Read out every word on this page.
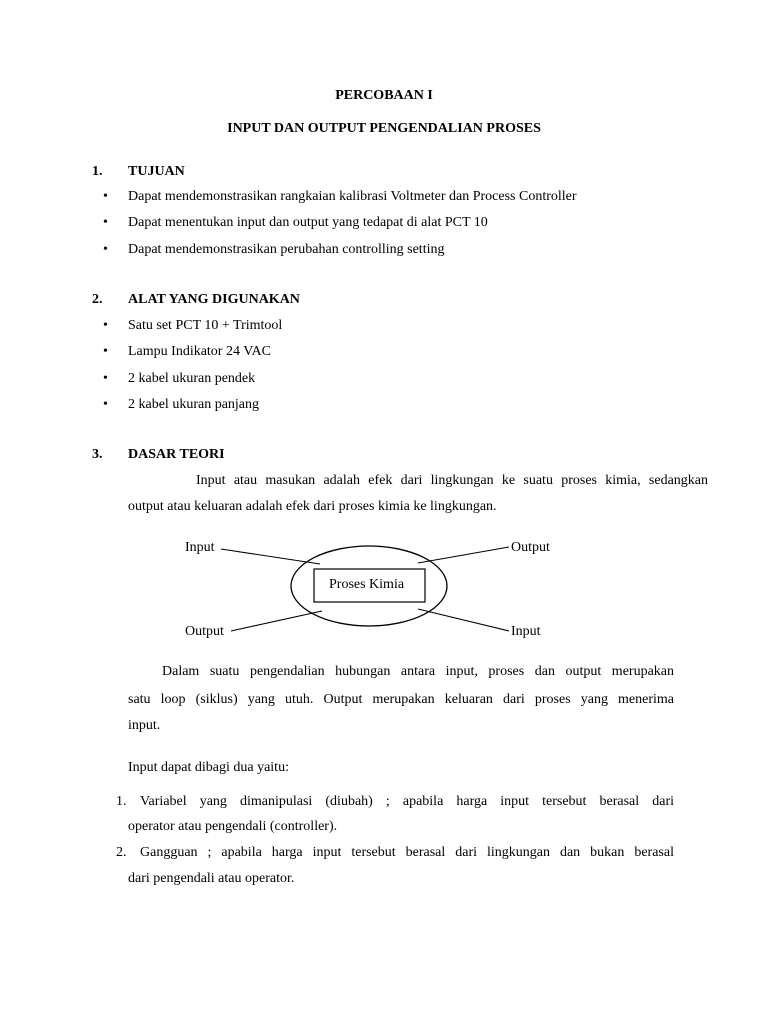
PERCOBAAN I
INPUT DAN OUTPUT PENGENDALIAN PROSES
1. TUJUAN
• Dapat mendemonstrasikan rangkaian kalibrasi Voltmeter dan Process Controller
• Dapat menentukan input dan output yang tedapat di alat PCT 10
• Dapat mendemonstrasikan perubahan controlling setting
2. ALAT YANG DIGUNAKAN
• Satu set PCT 10 + Trimtool
• Lampu Indikator 24 VAC
• 2 kabel ukuran pendek
• 2 kabel ukuran panjang
3. DASAR TEORI
Input atau masukan adalah efek dari lingkungan ke suatu proses kimia, sedangkan
output atau keluaran adalah efek dari proses kimia ke lingkungan.
Input	Output
Proses Kimia
Output	Input
Dalam suatu pengendalian hubungan antara input, proses dan output merupakan
satu loop (siklus) yang utuh. Output merupakan keluaran dari proses yang menerima
input.
Input dapat dibagi dua yaitu:
1. Variabel yang dimanipulasi (diubah) ; apabila harga input tersebut berasal dari
operator atau pengendali (controller).
2. Gangguan ; apabila harga input tersebut berasal dari lingkungan dan bukan berasal
dari pengendali atau operator.
